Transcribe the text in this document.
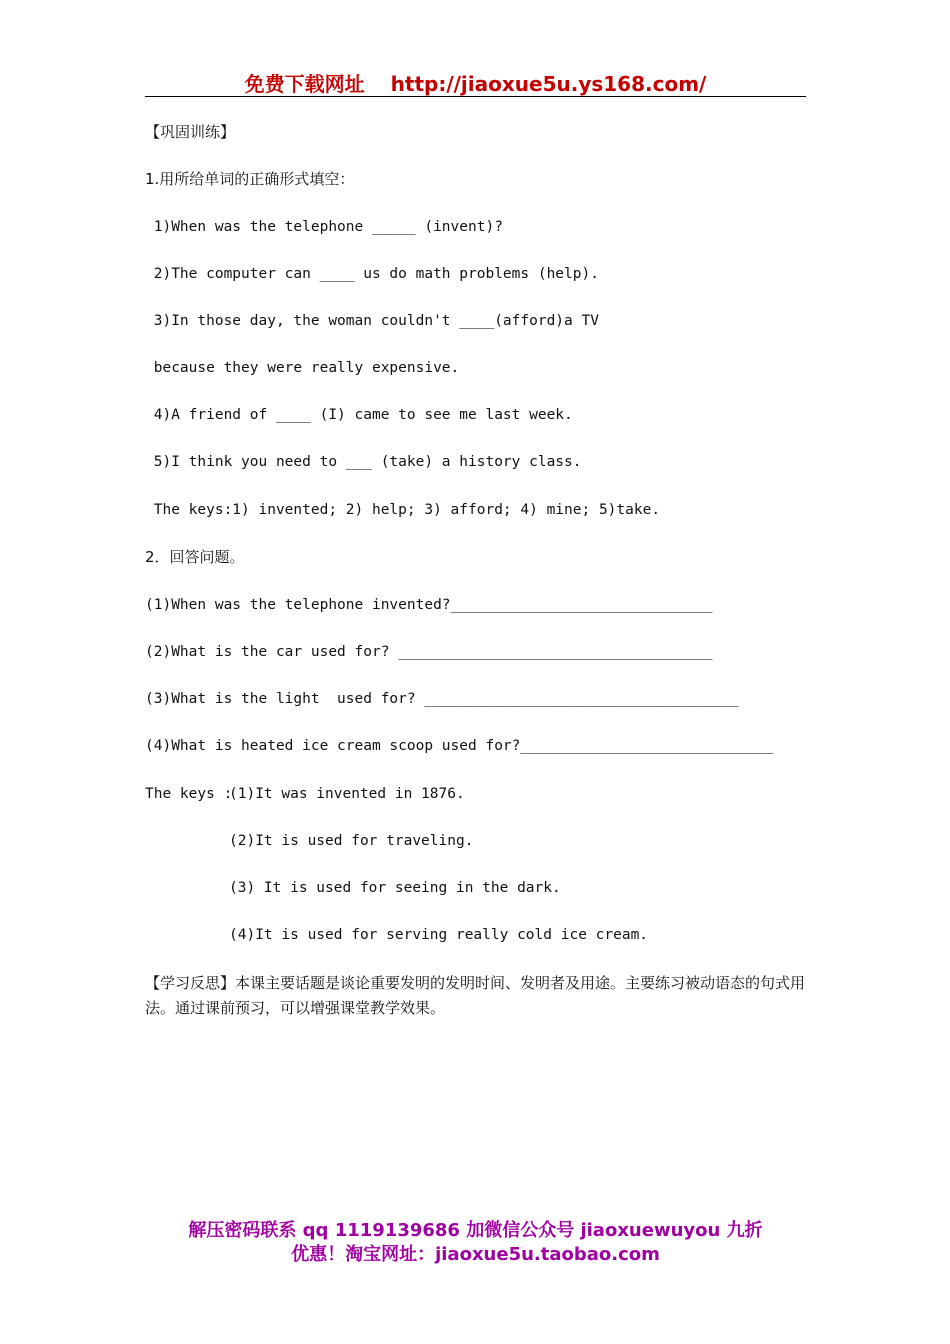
免费下载网址 http://jiaoxue5u.ys168.com/
【巩固训练】
1.用所给单词的正确形式填空：
1)When was the telephone _____ (invent)?
2)The computer can ____ us do math problems (help).
3)In those day, the woman couldn't ____(afford)a TV
because they were really expensive.
4)A friend of ____ (I) came to see me last week.
5)I think you need to ___ (take) a history class.
The keys:1) invented; 2) help; 3) afford; 4) mine; 5)take.
2．回答问题。
(1)When was the telephone invented?______________________________
(2)What is the car used for? ____________________________________
(3)What is the light  used for? ____________________________________
(4)What is heated ice cream scoop used for?_____________________________
The keys :
(1)It was invented in 1876.
(2)It is used for traveling.
(3) It is used for seeing in the dark.
(4)It is used for serving really cold ice cream.
【学习反思】本课主要话题是谈论重要发明的发明时间、发明者及用途。主要练习被动语态的句式用法。通过课前预习，可以增强课堂教学效果。
解压密码联系 qq 1119139686 加微信公众号 jiaoxuewuyou 九折
优惠！淘宝网址：jiaoxue5u.taobao.com
